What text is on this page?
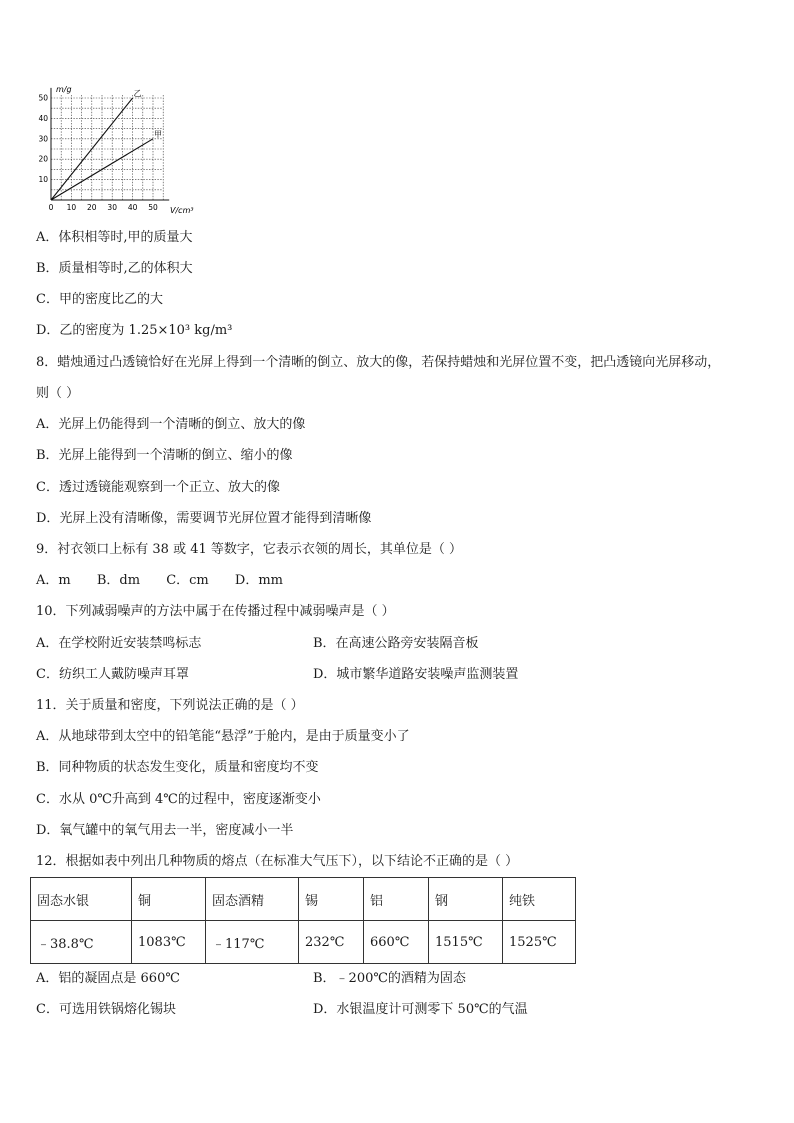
0 10 20 30 40 50
10
20
30
40
50	乙
甲
m/g
V/cm³
A．体积相等时,甲的质量大
B．质量相等时,乙的体积大
C．甲的密度比乙的大
D．乙的密度为 1.25×10³ kg/m³
8．蜡烛通过凸透镜恰好在光屏上得到一个清晰的倒立、放大的像，若保持蜡烛和光屏位置不变，把凸透镜向光屏移动，
则（ ）
A．光屏上仍能得到一个清晰的倒立、放大的像
B．光屏上能得到一个清晰的倒立、缩小的像
C．透过透镜能观察到一个正立、放大的像
D．光屏上没有清晰像，需要调节光屏位置才能得到清晰像
9．衬衣领口上标有 38 或 41 等数字，它表示衣领的周长，其单位是（ ）
A．m B．dm C．cm D．mm
10．下列减弱噪声的方法中属于在传播过程中减弱噪声是（ ）
A．在学校附近安装禁鸣标志	B．在高速公路旁安装隔音板
C．纺织工人戴防噪声耳罩	D．城市繁华道路安装噪声监测装置
11．关于质量和密度，下列说法正确的是（ ）
A．从地球带到太空中的铅笔能“悬浮”于舱内，是由于质量变小了
B．同种物质的状态发生变化，质量和密度均不变
C．水从 0℃升高到 4℃的过程中，密度逐渐变小
D．氧气罐中的氧气用去一半，密度减小一半
12．根据如表中列出几种物质的熔点（在标准大气压下），以下结论不正确的是（ ）
固态水银	铜	固态酒精	锡	铝	钢	纯铁
﹣38.8℃	1083℃	﹣117℃	232℃	660℃	1515℃	1525℃
A．铝的凝固点是 660℃	B．﹣200℃的酒精为固态
C．可选用铁锅熔化锡块	D．水银温度计可测零下 50℃的气温
